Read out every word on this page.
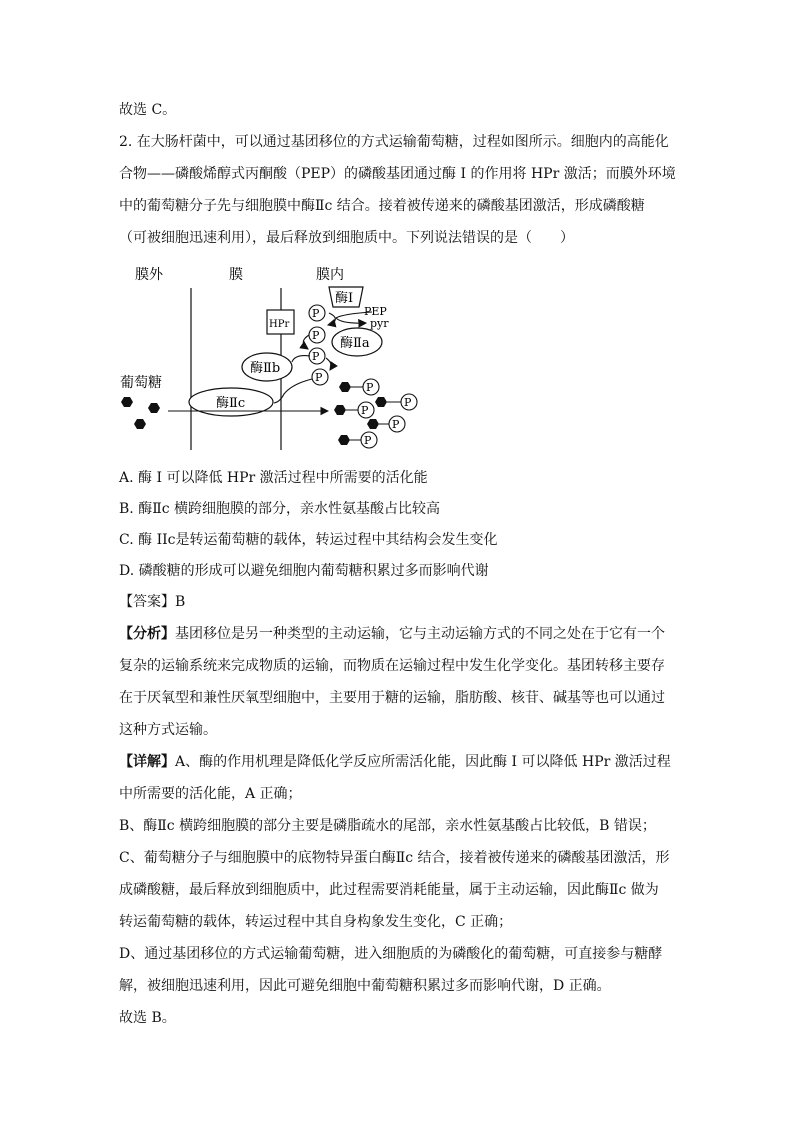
故选 C。
2. 在大肠杆菌中，可以通过基团移位的方式运输葡萄糖，过程如图所示。细胞内的高能化
合物——磷酸烯醇式丙酮酸（PEP）的磷酸基团通过酶 I 的作用将 HPr 激活；而膜外环境
中的葡萄糖分子先与细胞膜中酶Ⅱc 结合。接着被传递来的磷酸基团激活，形成磷酸糖
（可被细胞迅速利用），最后释放到细胞质中。下列说法错误的是（　　）
膜外	膜	膜内
酶Ⅰ
HPr
PEP
pyr
酶Ⅱa
酶Ⅱb
酶Ⅱc
P
P
P
P
葡萄糖	P
P
P
P
P
A. 酶 I 可以降低 HPr 激活过程中所需要的活化能
B. 酶Ⅱc 横跨细胞膜的部分，亲水性氨基酸占比较高
C. 酶 IIc是转运葡萄糖的载体，转运过程中其结构会发生变化
D. 磷酸糖的形成可以避免细胞内葡萄糖积累过多而影响代谢
【答案】B
【分析】基团移位是另一种类型的主动运输，它与主动运输方式的不同之处在于它有一个
复杂的运输系统来完成物质的运输，而物质在运输过程中发生化学变化。基团转移主要存
在于厌氧型和兼性厌氧型细胞中，主要用于糖的运输，脂肪酸、核苷、碱基等也可以通过
这种方式运输。
【详解】A、酶的作用机理是降低化学反应所需活化能，因此酶 I 可以降低 HPr 激活过程
中所需要的活化能，A 正确；
B、酶Ⅱc 横跨细胞膜的部分主要是磷脂疏水的尾部，亲水性氨基酸占比较低，B 错误；
C、葡萄糖分子与细胞膜中的底物特异蛋白酶Ⅱc 结合，接着被传递来的磷酸基团激活，形
成磷酸糖，最后释放到细胞质中，此过程需要消耗能量，属于主动运输，因此酶Ⅱc 做为
转运葡萄糖的载体，转运过程中其自身构象发生变化，C 正确；
D、通过基团移位的方式运输葡萄糖，进入细胞质的为磷酸化的葡萄糖，可直接参与糖酵
解，被细胞迅速利用，因此可避免细胞中葡萄糖积累过多而影响代谢，D 正确。
故选 B。
